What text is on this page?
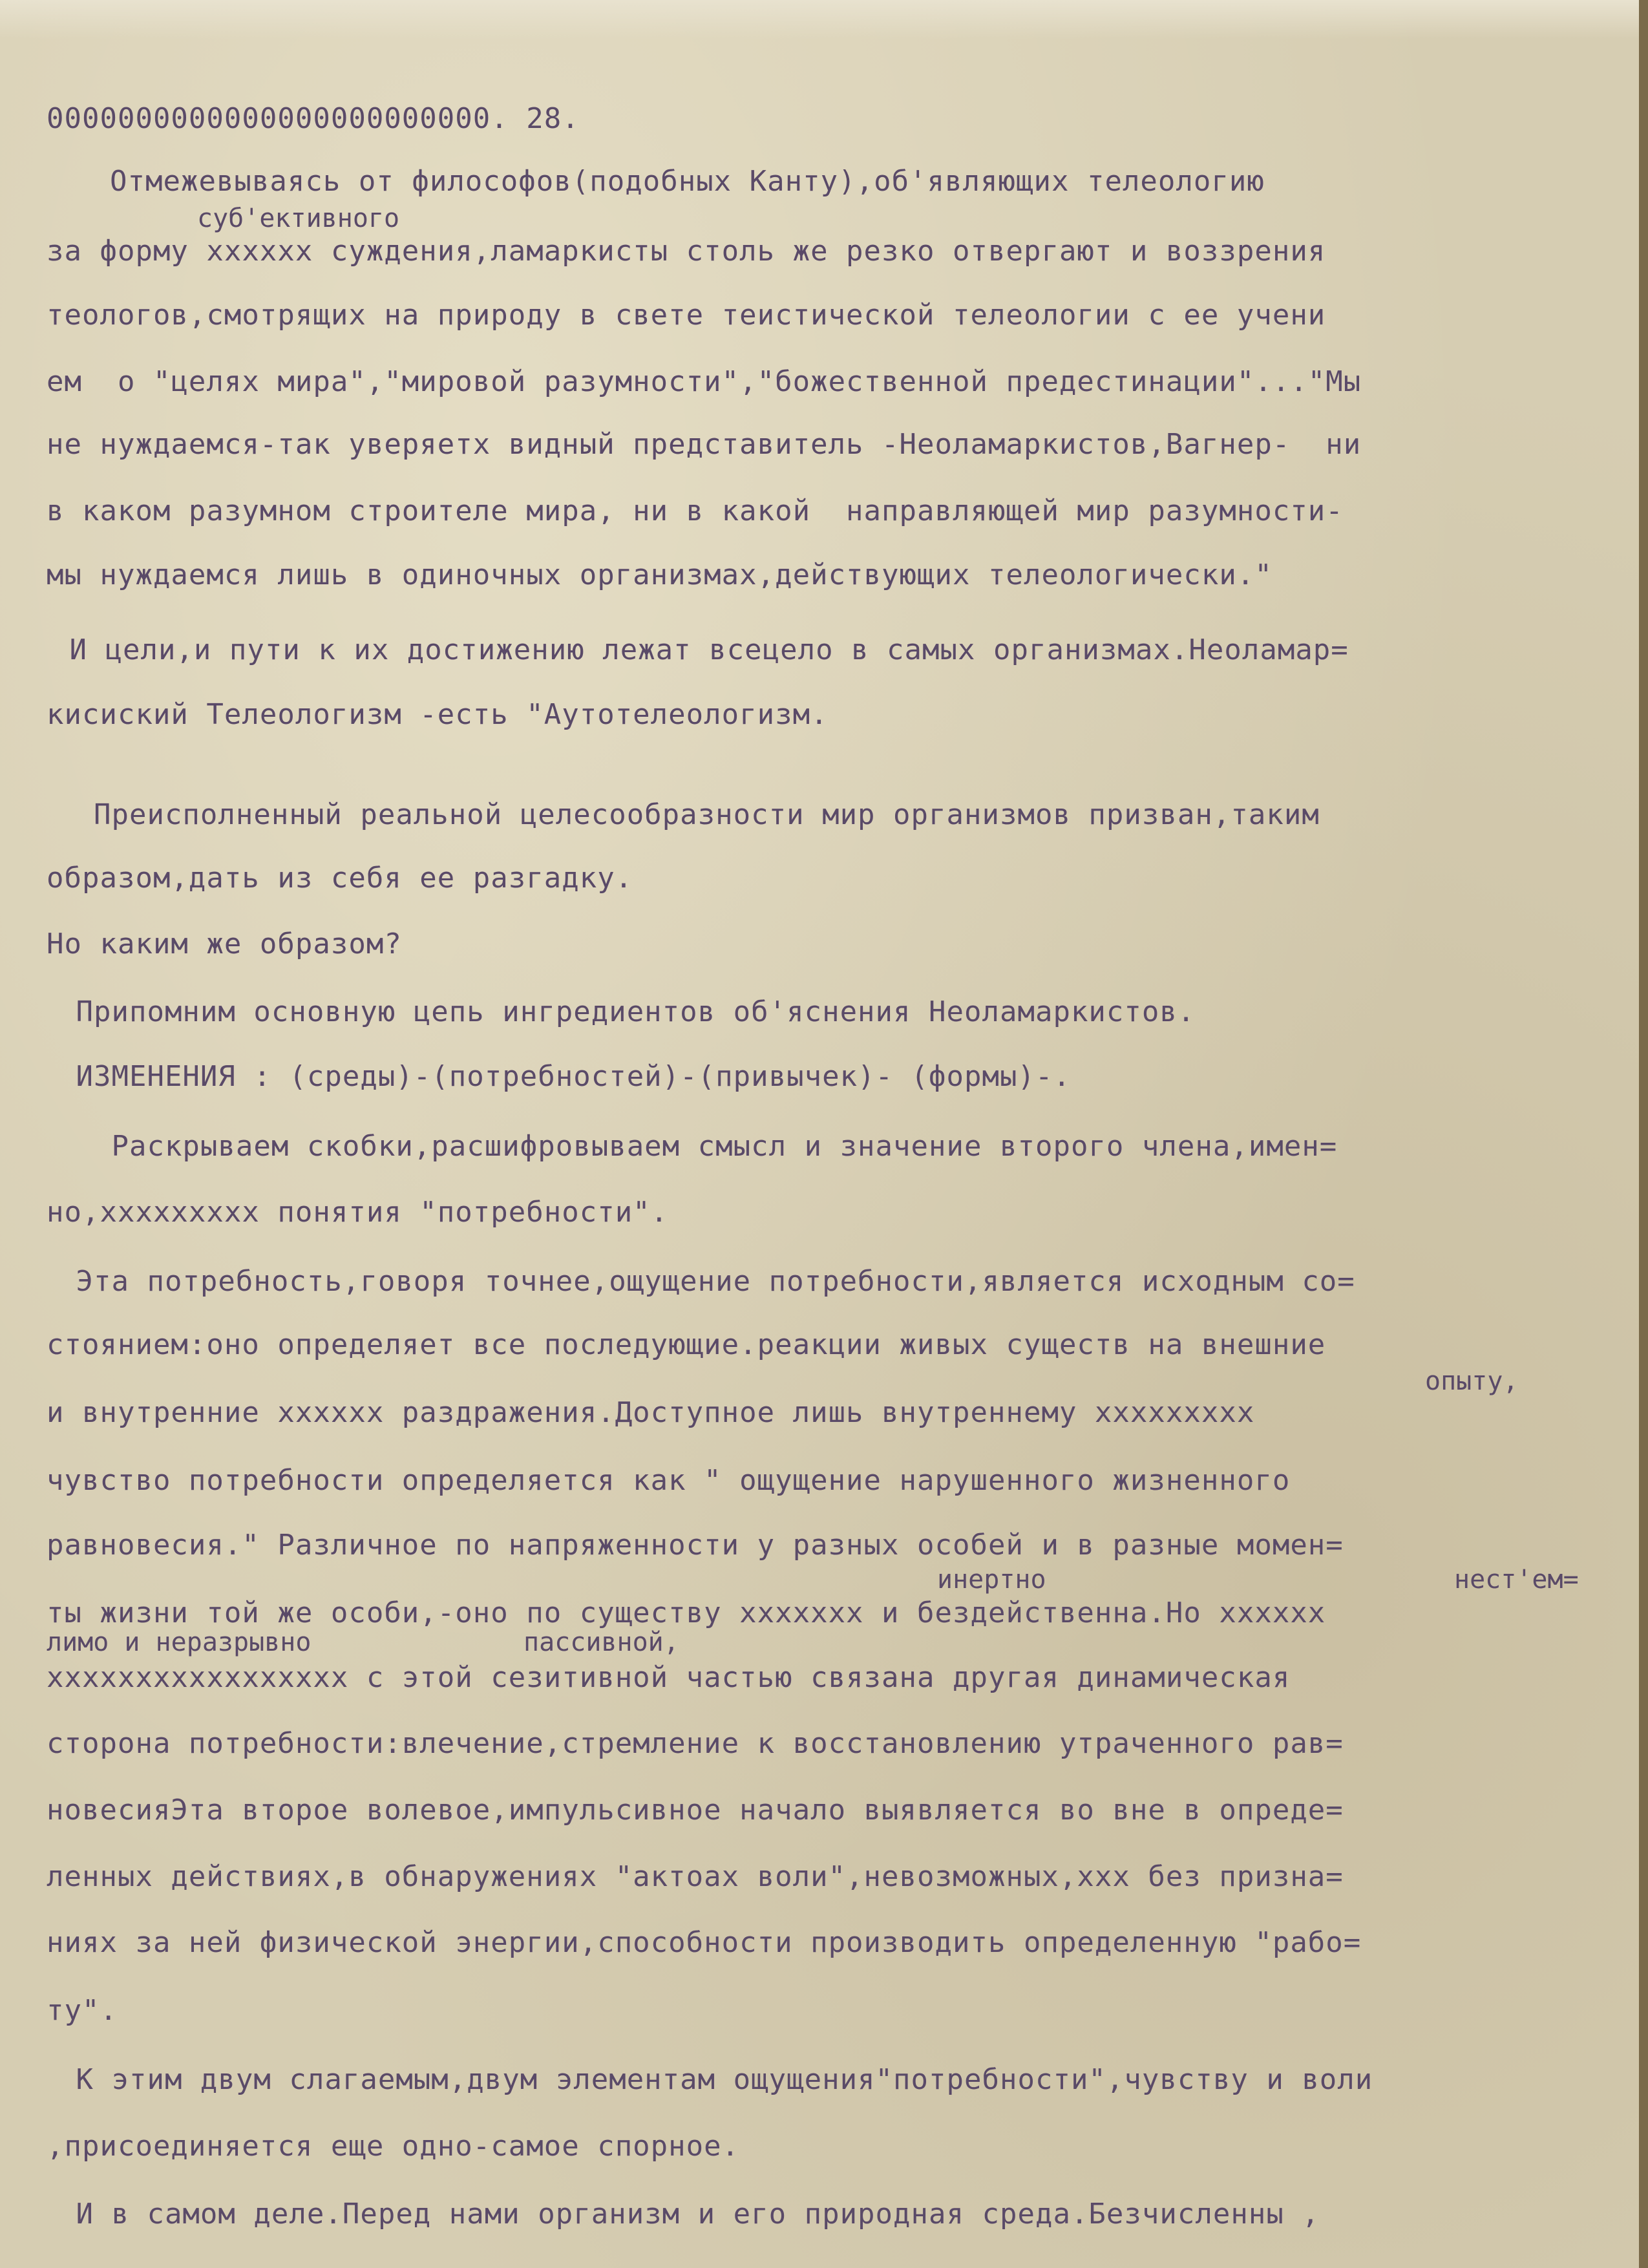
0000000000000000000000000. 28.

суб'ективного

опыту,

инертно	нест'ем=

лимо и неразрывно	пассивной,

Отмежевываясь от философов(подобных Канту),об'являющих телеологию

за форму хххххх суждения,ламаркисты столь же резко отвергают и воззрения

теологов,смотрящих на природу в свете теистической телеологии с ее учени

ем  о "целях мира","мировой разумности","божественной предестинации"..."Мы

не нуждаемся-так уверяетх видный представитель -Неоламаркистов,Вагнер-  ни

в каком разумном строителе мира, ни в какой  направляющей мир разумности-

мы нуждаемся лишь в одиночных организмах,действующих телеологически."

И цели,и пути к их достижению лежат всецело в самых организмах.Неоламар=

кисиский Телеологизм -есть "Аутотелеологизм.

Преисполненный реальной целесообразности мир организмов призван,таким

образом,дать из себя ее разгадку.

Но каким же образом?

Припомним основную цепь ингредиентов об'яснения Неоламаркистов.

ИЗМЕНЕНИЯ : (среды)-(потребностей)-(привычек)- (формы)-.

Раскрываем скобки,расшифровываем смысл и значение второго члена,имен=

но,ххххххххх понятия "потребности".

Эта потребность,говоря точнее,ощущение потребности,является исходным со=

стоянием:оно определяет все последующие.реакции живых существ на внешние

и внутренние хххххх раздражения.Доступное лишь внутреннему ххххххххх

чувство потребности определяется как " ощущение нарушенного жизненного

равновесия." Различное по напряженности у разных особей и в разные момен=

ты жизни той же особи,-оно по существу ххххххх и бездейственна.Но хххххх

ххххххххххххххххх с этой сезитивной частью связана другая динамическая

сторона потребности:влечение,стремление к восстановлению утраченного рав=

новесияЭта второе волевое,импульсивное начало выявляется во вне в опреде=

ленных действиях,в обнаружениях "актоах воли",невозможных,ххх без призна=

ниях за ней физической энергии,способности производить определенную "рабо=

ту".

К этим двум слагаемым,двум элементам ощущения"потребности",чувству и воли

,присоединяется еще одно-самое спорное.

И в самом деле.Перед нами организм и его природная среда.Безчисленны ,
